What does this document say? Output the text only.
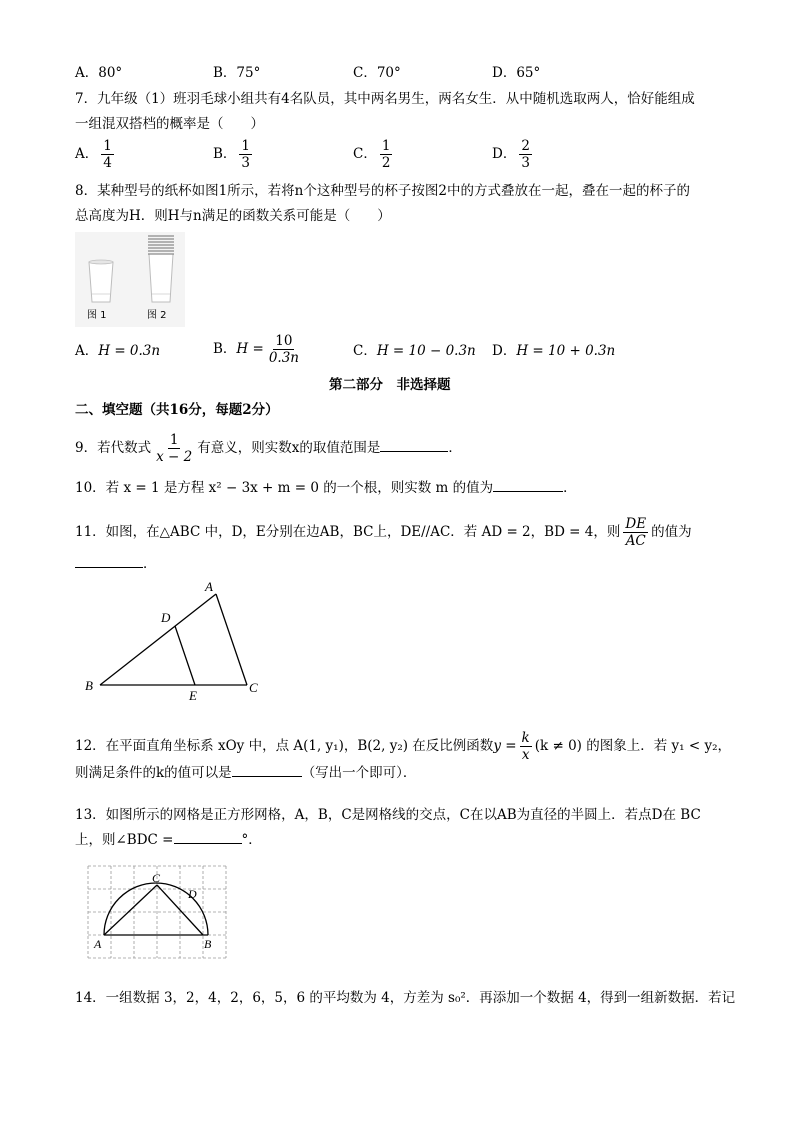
A．80°	B．75°	C．70°	D．65°
7．九年级（1）班羽毛球小组共有4名队员，其中两名男生，两名女生．从中随机选取两人，恰好能组成
一组混双搭档的概率是（　　）
A． $\frac{1}{4}$	B． $\frac{1}{3}$	C． $\frac{1}{2}$	D． $\frac{2}{3}$
8．某种型号的纸杯如图1所示，若将n个这种型号的杯子按图2中的方式叠放在一起，叠在一起的杯子的
总高度为H．则H与n满足的函数关系可能是（　　）
图 1	图 2
A．H = 0.3n	B．$H = \frac{10}{0.3n}$	C．H = 10 − 0.3n D．H = 10 + 0.3n
第二部分　非选择题
二、填空题（共16分，每题2分）
9．若代数式 $\frac{1}{x - 2}$ 有意义，则实数x的取值范围是	．
10．若 x = 1 是方程 x² − 3x + m = 0 的一个根，则实数 m 的值为	．
11．如图，在△ABC 中，D，E分别在边AB，BC上，DE//AC．若 AD = 2，BD = 4，则 $\frac{DE}{AC}$ 的值为
．
A
B	C
D
E
12．在平面直角坐标系 xOy 中，点 A(1, y₁)，B(2, y₂) 在反比例函数$y = \frac{k}{x} (k \ne 0)$ 的图象上．若 y₁ < y₂，
则满足条件的k的值可以是	（写出一个即可）．
13．如图所示的网格是正方形网格，A，B，C是网格线的交点，C在以AB为直径的半圆上．若点D在 BC
上，则∠BDC =	°．
A	B
C
D
14．一组数据 3，2，4，2，6，5，6 的平均数为 4，方差为 s₀²．再添加一个数据 4，得到一组新数据．若记
